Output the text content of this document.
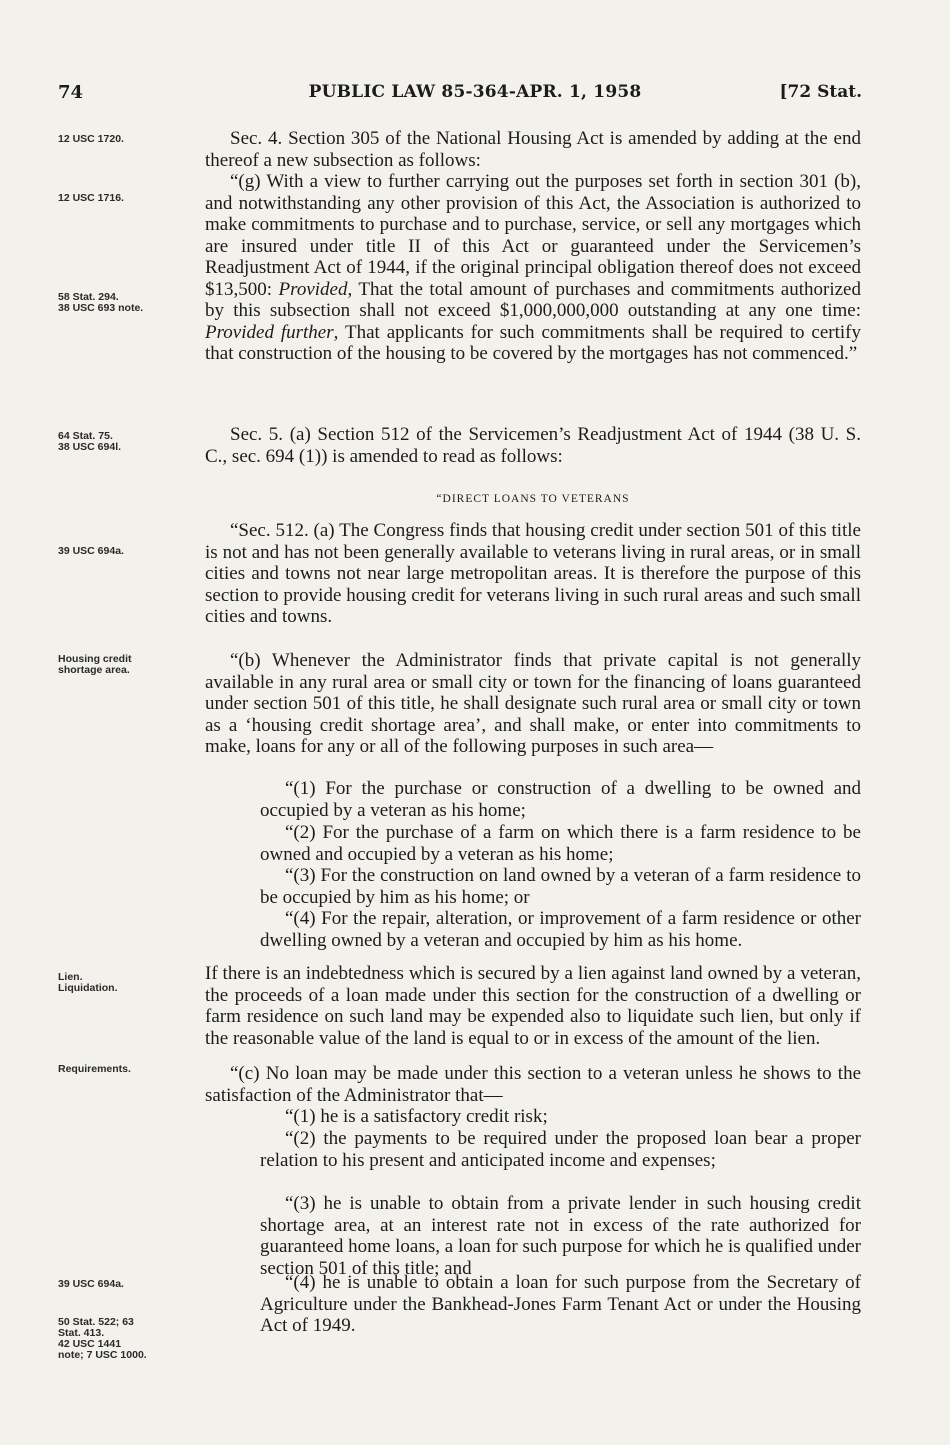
74	PUBLIC LAW 85-364-APR. 1, 1958	[72 Stat.
12 USC 1720.
12 USC 1716.
58 Stat. 294.
38 USC 693 note.
64 Stat. 75.
38 USC 694l.
39 USC 694a.
Housing credit
shortage area.
Lien.
Liquidation.
Requirements.
39 USC 694a.
50 Stat. 522; 63
Stat. 413.
42 USC 1441
note; 7 USC 1000.
Sec. 4. Section 305 of the National Housing Act is amended by adding at the end thereof a new subsection as follows:
“(g) With a view to further carrying out the purposes set forth in section 301 (b), and notwithstanding any other provision of this Act, the Association is authorized to make commitments to purchase and to purchase, service, or sell any mortgages which are insured under title II of this Act or guaranteed under the Servicemen’s Readjustment Act of 1944, if the original principal obligation thereof does not exceed $13,500: Provided, That the total amount of purchases and commitments authorized by this subsection shall not exceed $1,000,000,000 outstanding at any one time: Provided further, That applicants for such commitments shall be required to certify that construction of the housing to be covered by the mortgages has not commenced.”
Sec. 5. (a) Section 512 of the Servicemen’s Readjustment Act of 1944 (38 U. S. C., sec. 694 (1)) is amended to read as follows:
“DIRECT LOANS TO VETERANS
“Sec. 512. (a) The Congress finds that housing credit under section 501 of this title is not and has not been generally available to veterans living in rural areas, or in small cities and towns not near large metropolitan areas. It is therefore the purpose of this section to provide housing credit for veterans living in such rural areas and such small cities and towns.
“(b) Whenever the Administrator finds that private capital is not generally available in any rural area or small city or town for the financing of loans guaranteed under section 501 of this title, he shall designate such rural area or small city or town as a ‘housing credit shortage area’, and shall make, or enter into commitments to make, loans for any or all of the following purposes in such area—
“(1) For the purchase or construction of a dwelling to be owned and occupied by a veteran as his home;
“(2) For the purchase of a farm on which there is a farm residence to be owned and occupied by a veteran as his home;
“(3) For the construction on land owned by a veteran of a farm residence to be occupied by him as his home; or
“(4) For the repair, alteration, or improvement of a farm residence or other dwelling owned by a veteran and occupied by him as his home.
If there is an indebtedness which is secured by a lien against land owned by a veteran, the proceeds of a loan made under this section for the construction of a dwelling or farm residence on such land may be expended also to liquidate such lien, but only if the reasonable value of the land is equal to or in excess of the amount of the lien.
“(c) No loan may be made under this section to a veteran unless he shows to the satisfaction of the Administrator that—
“(1) he is a satisfactory credit risk;
“(2) the payments to be required under the proposed loan bear a proper relation to his present and anticipated income and expenses;
“(3) he is unable to obtain from a private lender in such housing credit shortage area, at an interest rate not in excess of the rate authorized for guaranteed home loans, a loan for such purpose for which he is qualified under section 501 of this title; and
“(4) he is unable to obtain a loan for such purpose from the Secretary of Agriculture under the Bankhead-Jones Farm Tenant Act or under the Housing Act of 1949.
